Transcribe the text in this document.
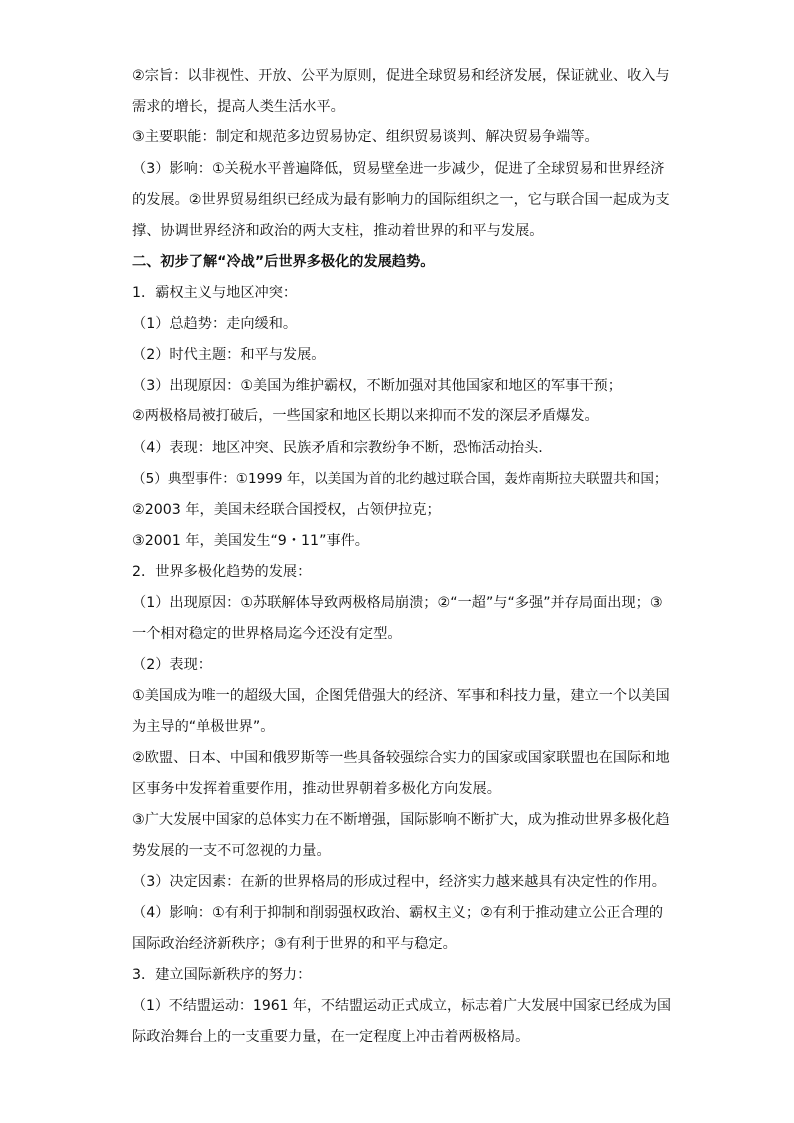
②宗旨：以非视性、开放、公平为原则，促进全球贸易和经济发展，保证就业、收入与
需求的增长，提高人类生活水平。
③主要职能：制定和规范多边贸易协定、组织贸易谈判、解决贸易争端等。
（3）影响：①关税水平普遍降低，贸易壁垒进一步减少，促进了全球贸易和世界经济
的发展。②世界贸易组织已经成为最有影响力的国际组织之一，它与联合国一起成为支
撑、协调世界经济和政治的两大支柱，推动着世界的和平与发展。
二、初步了解“冷战”后世界多极化的发展趋势。
1．霸权主义与地区冲突：
（1）总趋势：走向缓和。
（2）时代主题：和平与发展。
（3）出现原因：①美国为维护霸权，不断加强对其他国家和地区的军事干预；
②两极格局被打破后，一些国家和地区长期以来抑而不发的深层矛盾爆发。
（4）表现：地区冲突、民族矛盾和宗教纷争不断，恐怖活动抬头.
（5）典型事件：①1999 年，以美国为首的北约越过联合国，轰炸南斯拉夫联盟共和国；
②2003 年，美国未经联合国授权，占领伊拉克；
③2001 年，美国发生“9・11”事件。
2．世界多极化趋势的发展：
（1）出现原因：①苏联解体导致两极格局崩溃；②“一超”与“多强”并存局面出现；③
一个相对稳定的世界格局迄今还没有定型。
（2）表现：
①美国成为唯一的超级大国，企图凭借强大的经济、军事和科技力量，建立一个以美国
为主导的“单极世界”。
②欧盟、日本、中国和俄罗斯等一些具备较强综合实力的国家或国家联盟也在国际和地
区事务中发挥着重要作用，推动世界朝着多极化方向发展。
③广大发展中国家的总体实力在不断增强，国际影响不断扩大，成为推动世界多极化趋
势发展的一支不可忽视的力量。
（3）决定因素：在新的世界格局的形成过程中，经济实力越来越具有决定性的作用。
（4）影响：①有利于抑制和削弱强权政治、霸权主义；②有利于推动建立公正合理的
国际政治经济新秩序；③有利于世界的和平与稳定。
3．建立国际新秩序的努力：
（1）不结盟运动：1961 年，不结盟运动正式成立，标志着广大发展中国家已经成为国
际政治舞台上的一支重要力量，在一定程度上冲击着两极格局。
